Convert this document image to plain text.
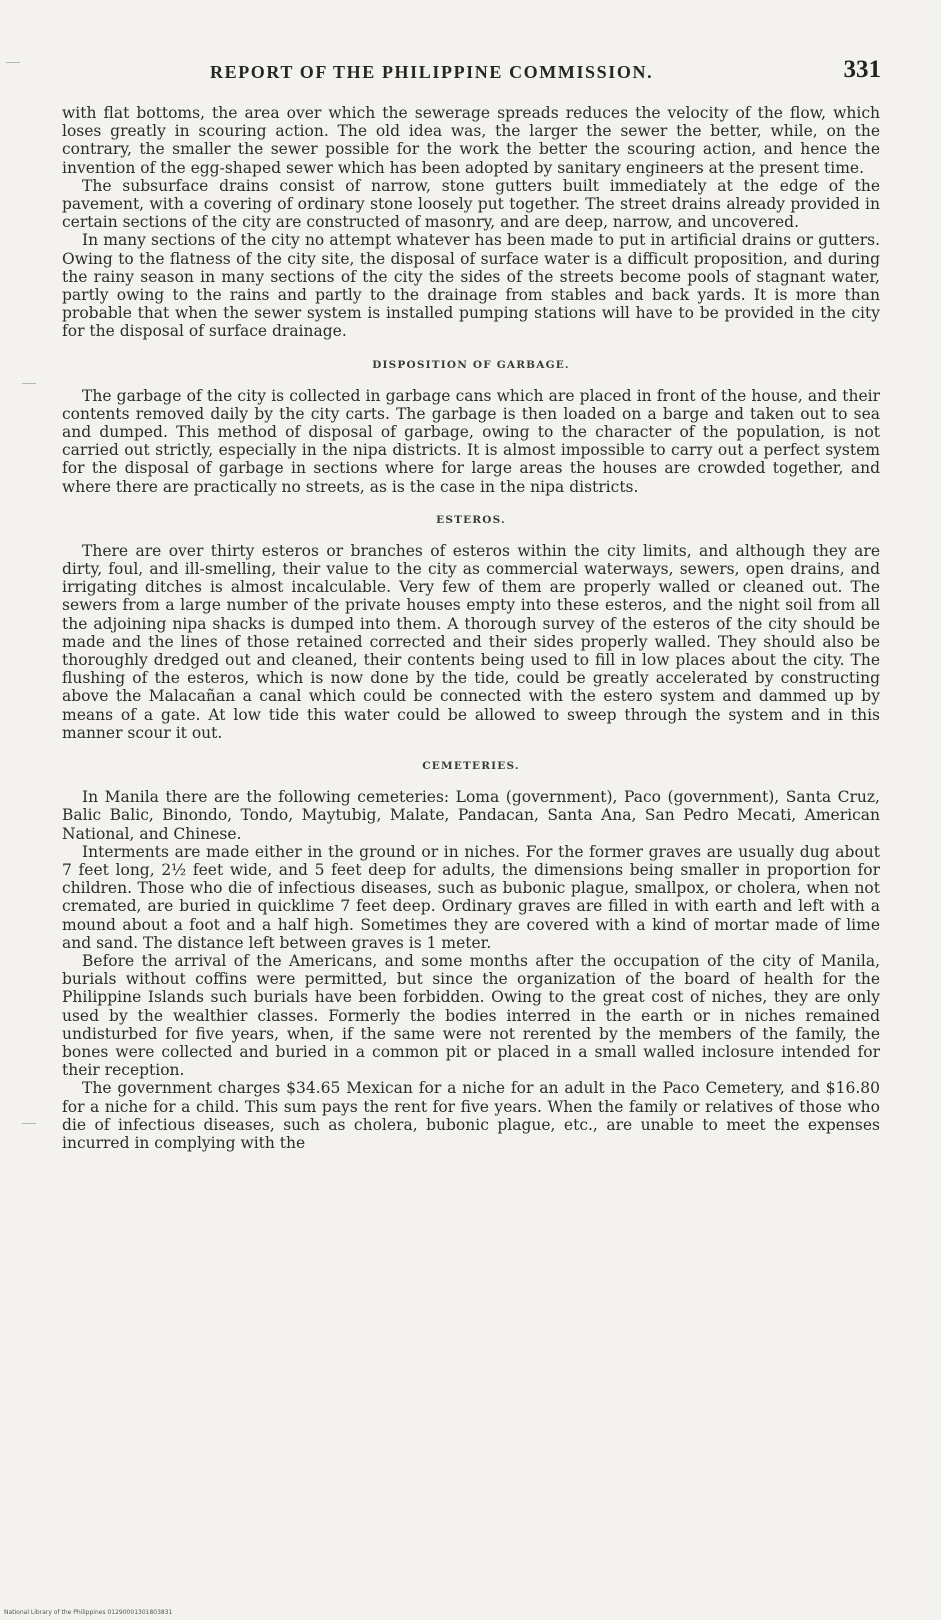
REPORT OF THE PHILIPPINE COMMISSION.	331

with flat bottoms, the area over which the sewerage spreads reduces the velocity of the flow, which loses greatly in scouring action. The old idea was, the larger the sewer the better, while, on the contrary, the smaller the sewer possible for the work the better the scouring action, and hence the invention of the egg-shaped sewer which has been adopted by sanitary engineers at the present time.

The subsurface drains consist of narrow, stone gutters built immediately at the edge of the pavement, with a covering of ordinary stone loosely put together. The street drains already provided in certain sections of the city are constructed of masonry, and are deep, narrow, and uncovered.

In many sections of the city no attempt whatever has been made to put in artificial drains or gutters. Owing to the flatness of the city site, the disposal of surface water is a difficult proposition, and during the rainy season in many sections of the city the sides of the streets become pools of stagnant water, partly owing to the rains and partly to the drainage from stables and back yards. It is more than probable that when the sewer system is installed pumping stations will have to be provided in the city for the disposal of surface drainage.

DISPOSITION OF GARBAGE.

The garbage of the city is collected in garbage cans which are placed in front of the house, and their contents removed daily by the city carts. The garbage is then loaded on a barge and taken out to sea and dumped. This method of disposal of garbage, owing to the character of the population, is not carried out strictly, especially in the nipa districts. It is almost impossible to carry out a perfect system for the disposal of garbage in sections where for large areas the houses are crowded together, and where there are practically no streets, as is the case in the nipa districts.

ESTEROS.

There are over thirty esteros or branches of esteros within the city limits, and although they are dirty, foul, and ill-smelling, their value to the city as commercial waterways, sewers, open drains, and irrigating ditches is almost incalculable. Very few of them are properly walled or cleaned out. The sewers from a large number of the private houses empty into these esteros, and the night soil from all the adjoining nipa shacks is dumped into them. A thorough survey of the esteros of the city should be made and the lines of those retained corrected and their sides properly walled. They should also be thoroughly dredged out and cleaned, their contents being used to fill in low places about the city. The flushing of the esteros, which is now done by the tide, could be greatly accelerated by constructing above the Malacañan a canal which could be connected with the estero system and dammed up by means of a gate. At low tide this water could be allowed to sweep through the system and in this manner scour it out.

CEMETERIES.

In Manila there are the following cemeteries: Loma (government), Paco (government), Santa Cruz, Balic Balic, Binondo, Tondo, Maytubig, Malate, Pandacan, Santa Ana, San Pedro Mecati, American National, and Chinese.

Interments are made either in the ground or in niches. For the former graves are usually dug about 7 feet long, 2½ feet wide, and 5 feet deep for adults, the dimensions being smaller in proportion for children. Those who die of infectious diseases, such as bubonic plague, smallpox, or cholera, when not cremated, are buried in quicklime 7 feet deep. Ordinary graves are filled in with earth and left with a mound about a foot and a half high. Sometimes they are covered with a kind of mortar made of lime and sand. The distance left between graves is 1 meter.

Before the arrival of the Americans, and some months after the occupation of the city of Manila, burials without coffins were permitted, but since the organization of the board of health for the Philippine Islands such burials have been forbidden. Owing to the great cost of niches, they are only used by the wealthier classes. Formerly the bodies interred in the earth or in niches remained undisturbed for five years, when, if the same were not rerented by the members of the family, the bones were collected and buried in a common pit or placed in a small walled inclosure intended for their reception.

The government charges $34.65 Mexican for a niche for an adult in the Paco Cemetery, and $16.80 for a niche for a child. This sum pays the rent for five years. When the family or relatives of those who die of infectious diseases, such as cholera, bubonic plague, etc., are unable to meet the expenses incurred in complying with the

National Library of the Philippines 01290001301803831
